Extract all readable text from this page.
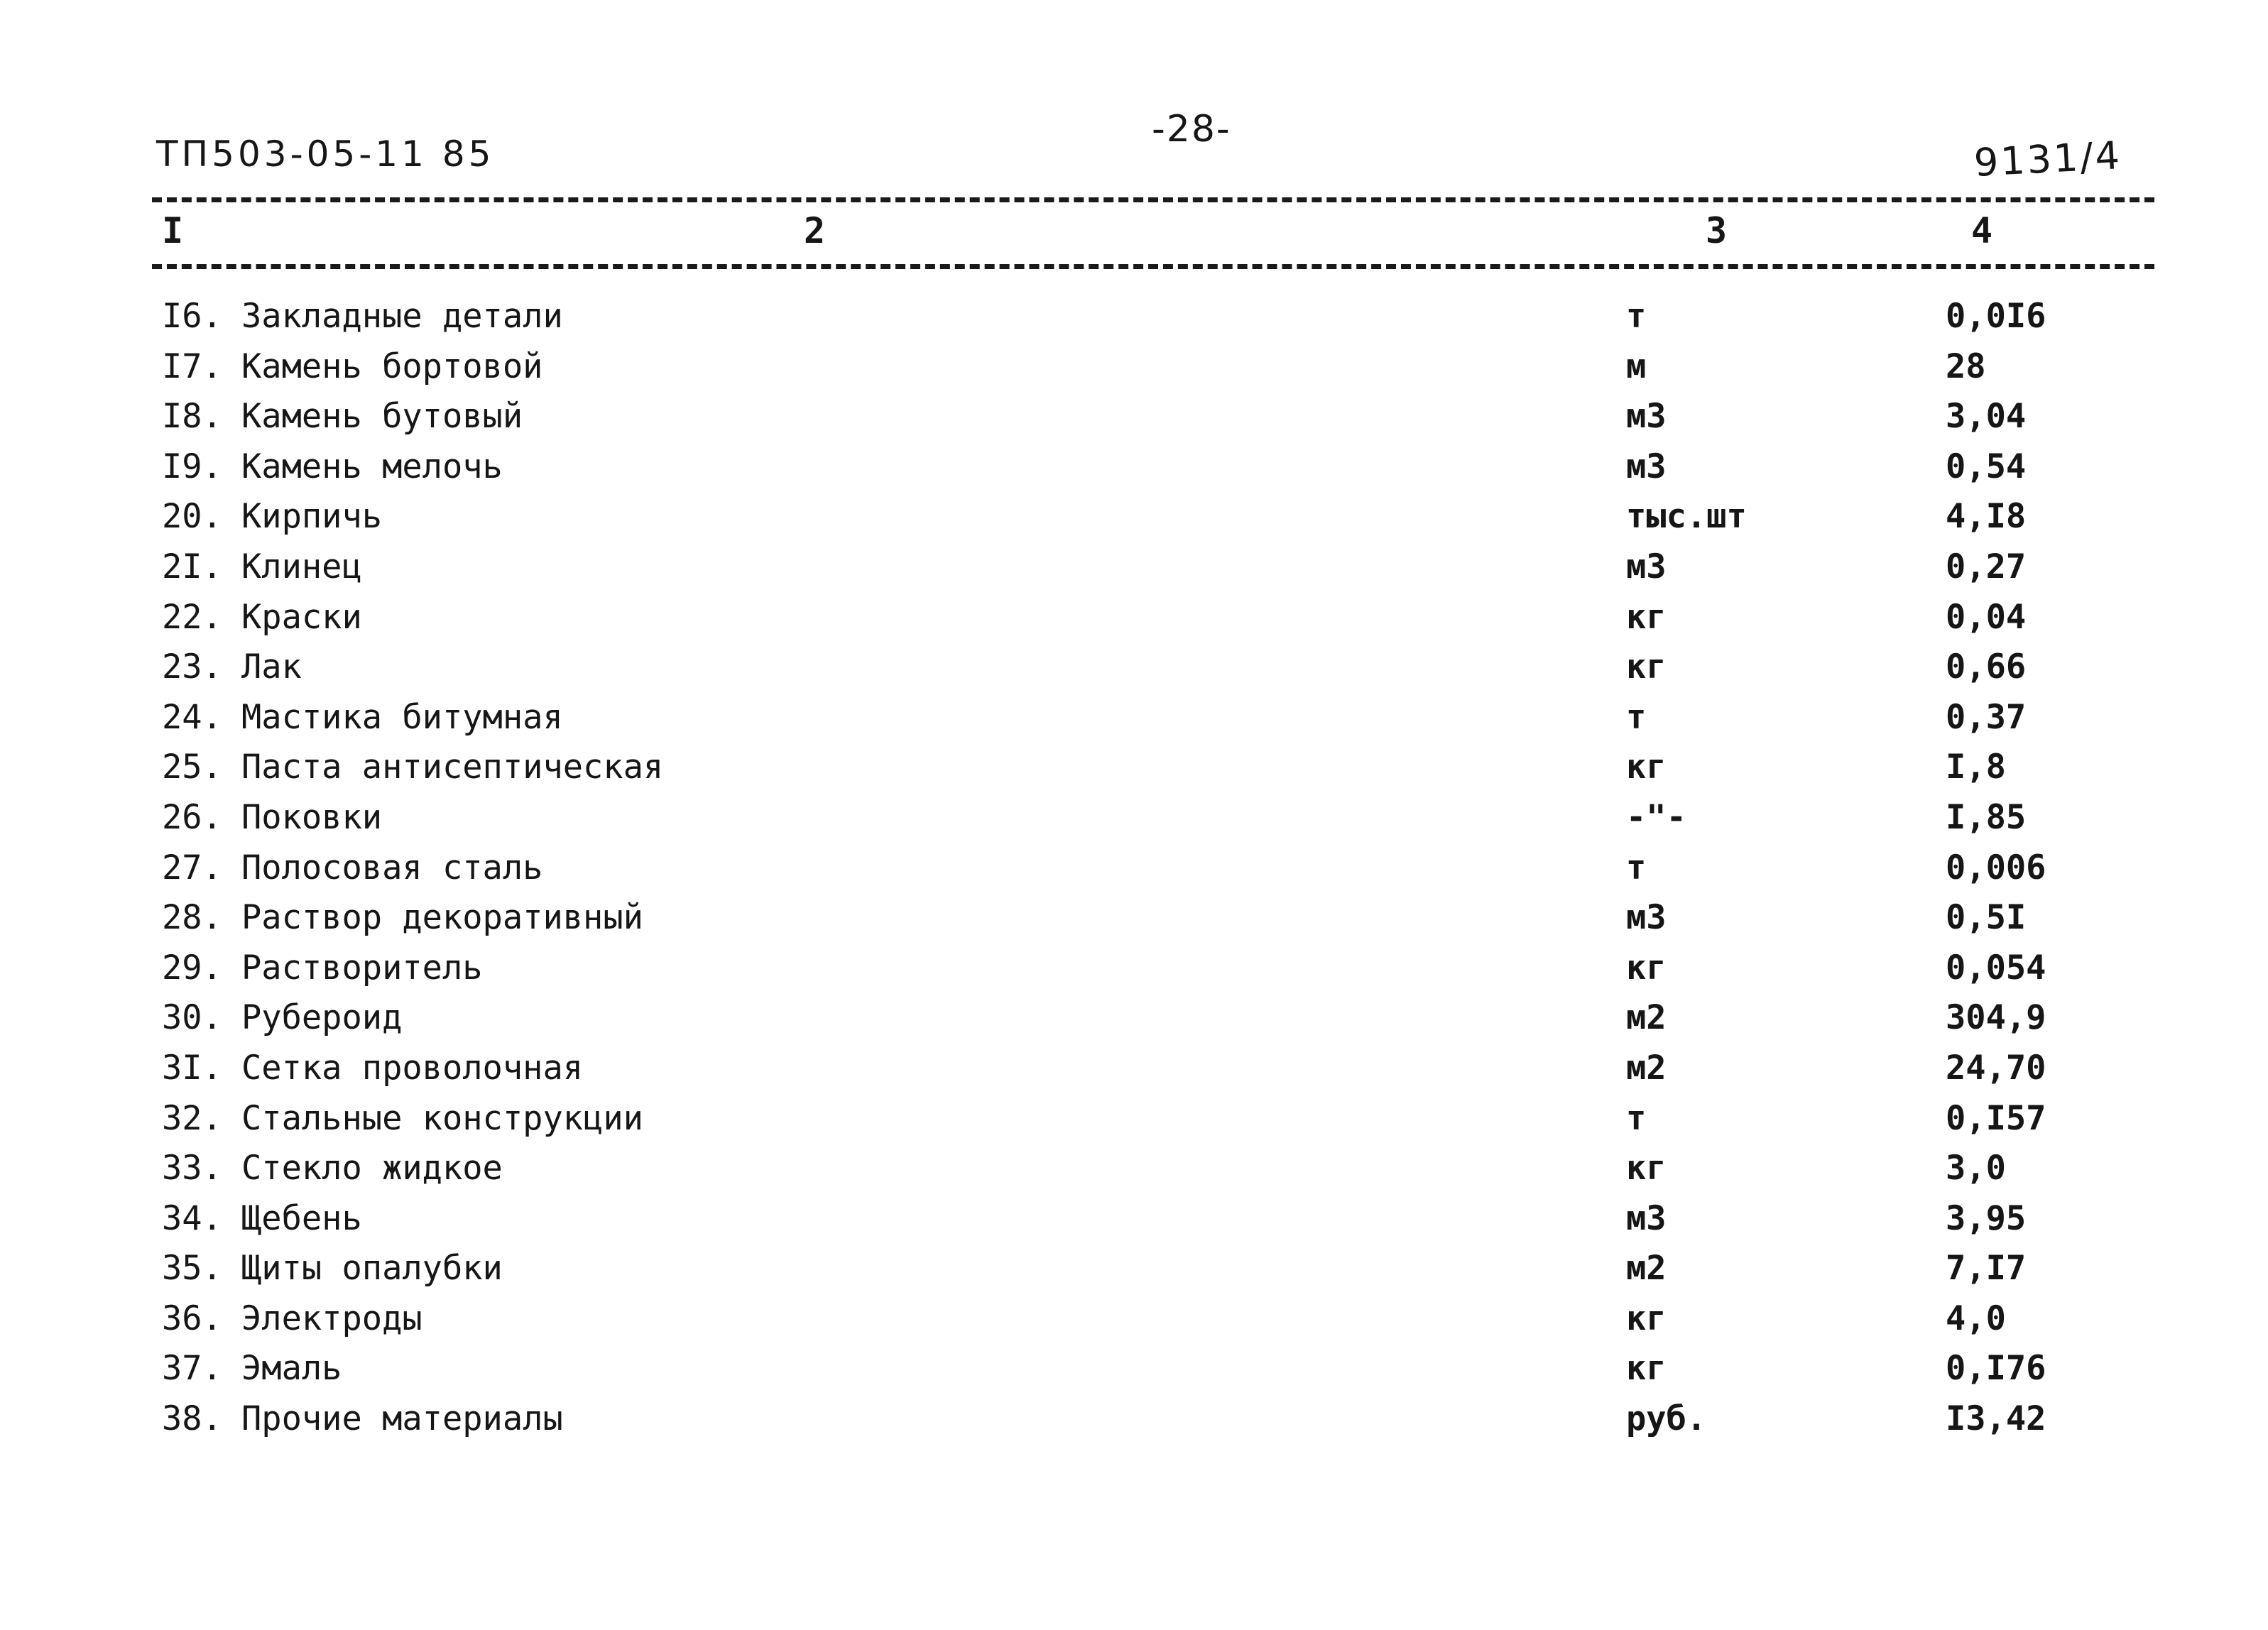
-28-
ТП503-05-11 85	9131/4
I	2	3	4
I6. Закладные детали	т	0,0I6
I7. Камень бортовой	м	28
I8. Камень бутовый	м3	3,04
I9. Камень мелочь	м3	0,54
20. Кирпичь	тыс.шт	4,I8
2I. Клинец	м3	0,27
22. Краски	кг	0,04
23. Лак	кг	0,66
24. Мастика битумная	т	0,37
25. Паста антисептическая	кг	I,8
26. Поковки	-"-	I,85
27. Полосовая сталь	т	0,006
28. Раствор декоративный	м3	0,5I
29. Растворитель	кг	0,054
30. Рубероид	м2	304,9
3I. Сетка проволочная	м2	24,70
32. Стальные конструкции	т	0,I57
33. Стекло жидкое	кг	3,0
34. Щебень	м3	3,95
35. Щиты опалубки	м2	7,I7
36. Электроды	кг	4,0
37. Эмаль	кг	0,I76
38. Прочие материалы	руб.	I3,42
